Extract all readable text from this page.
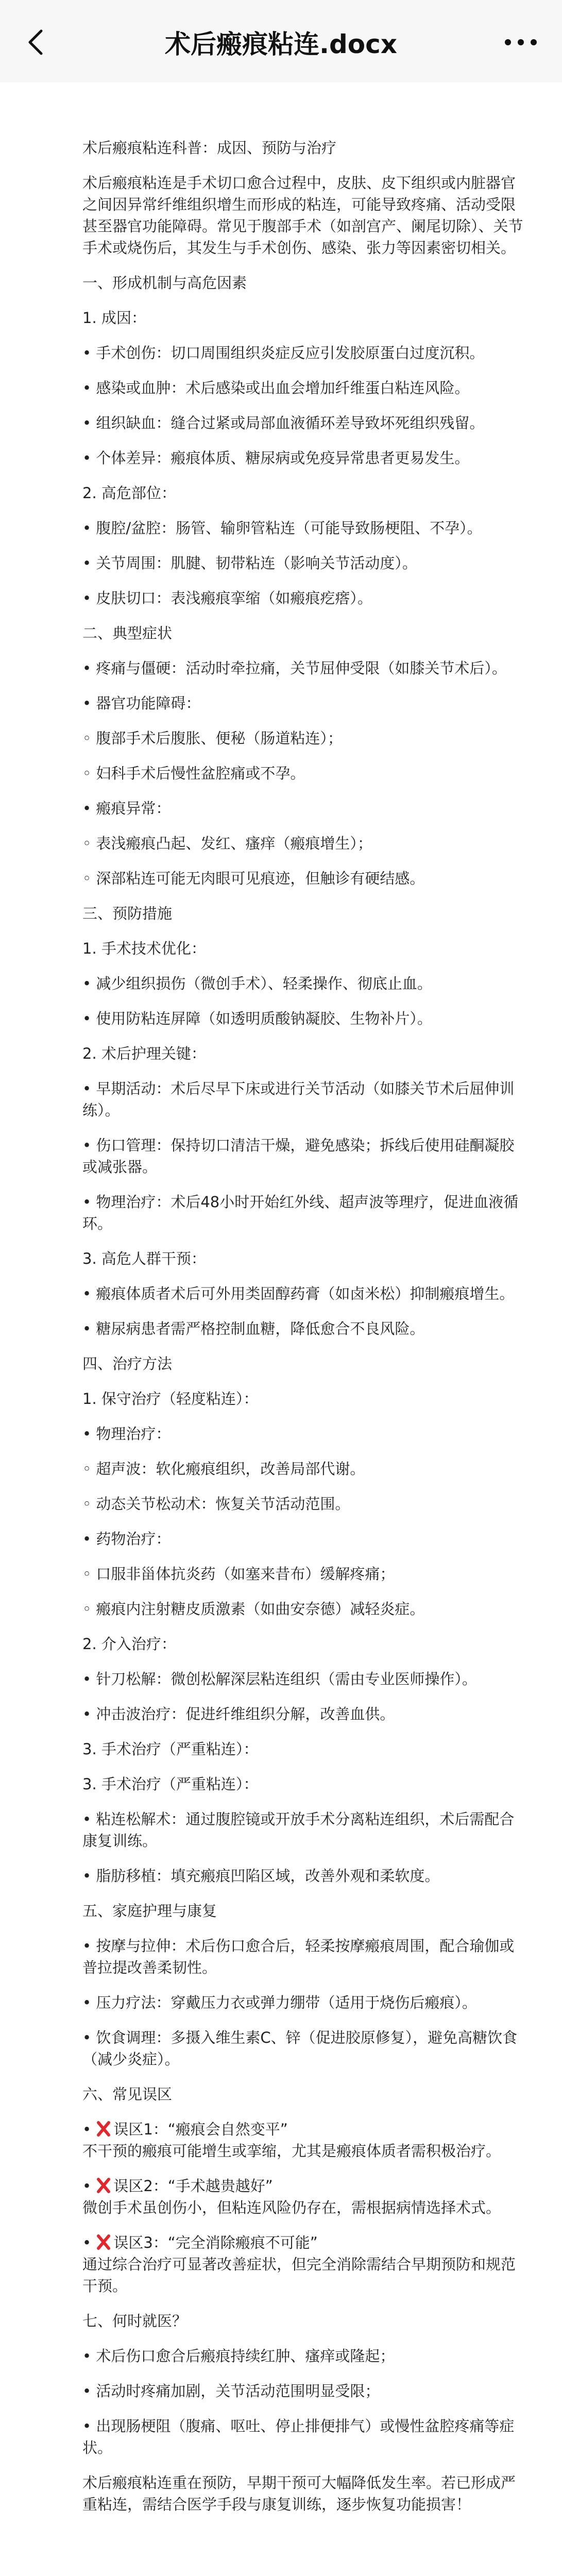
术后瘢痕粘连.docx

术后瘢痕粘连科普：成因、预防与治疗

术后瘢痕粘连是手术切口愈合过程中，皮肤、皮下组织或内脏器官之间因异常纤维组织增生而形成的粘连，可能导致疼痛、活动受限甚至器官功能障碍。常见于腹部手术（如剖宫产、阑尾切除）、关节手术或烧伤后，其发生与手术创伤、感染、张力等因素密切相关。

一、形成机制与高危因素

1. 成因：

• 手术创伤：切口周围组织炎症反应引发胶原蛋白过度沉积。

• 感染或血肿：术后感染或出血会增加纤维蛋白粘连风险。

• 组织缺血：缝合过紧或局部血液循环差导致坏死组织残留。

• 个体差异：瘢痕体质、糖尿病或免疫异常患者更易发生。

2. 高危部位：

• 腹腔/盆腔：肠管、输卵管粘连（可能导致肠梗阻、不孕）。

• 关节周围：肌腱、韧带粘连（影响关节活动度）。

• 皮肤切口：表浅瘢痕挛缩（如瘢痕疙瘩）。

二、典型症状

• 疼痛与僵硬：活动时牵拉痛，关节屈伸受限（如膝关节术后）。

• 器官功能障碍：

◦ 腹部手术后腹胀、便秘（肠道粘连）；

◦ 妇科手术后慢性盆腔痛或不孕。

• 瘢痕异常：

◦ 表浅瘢痕凸起、发红、瘙痒（瘢痕增生）；

◦ 深部粘连可能无肉眼可见痕迹，但触诊有硬结感。

三、预防措施

1. 手术技术优化：

• 减少组织损伤（微创手术）、轻柔操作、彻底止血。

• 使用防粘连屏障（如透明质酸钠凝胶、生物补片）。

2. 术后护理关键：

• 早期活动：术后尽早下床或进行关节活动（如膝关节术后屈伸训练）。

• 伤口管理：保持切口清洁干燥，避免感染；拆线后使用硅酮凝胶或减张器。

• 物理治疗：术后48小时开始红外线、超声波等理疗，促进血液循环。

3. 高危人群干预：

• 瘢痕体质者术后可外用类固醇药膏（如卤米松）抑制瘢痕增生。

• 糖尿病患者需严格控制血糖，降低愈合不良风险。

四、治疗方法

1. 保守治疗（轻度粘连）：

• 物理治疗：

◦ 超声波：软化瘢痕组织，改善局部代谢。

◦ 动态关节松动术：恢复关节活动范围。

• 药物治疗：

◦ 口服非甾体抗炎药（如塞来昔布）缓解疼痛；

◦ 瘢痕内注射糖皮质激素（如曲安奈德）减轻炎症。

2. 介入治疗：

• 针刀松解：微创松解深层粘连组织（需由专业医师操作）。

• 冲击波治疗：促进纤维组织分解，改善血供。

3. 手术治疗（严重粘连）：

3. 手术治疗（严重粘连）：

• 粘连松解术：通过腹腔镜或开放手术分离粘连组织，术后需配合康复训练。

• 脂肪移植：填充瘢痕凹陷区域，改善外观和柔软度。

五、家庭护理与康复

• 按摩与拉伸：术后伤口愈合后，轻柔按摩瘢痕周围，配合瑜伽或普拉提改善柔韧性。

• 压力疗法：穿戴压力衣或弹力绷带（适用于烧伤后瘢痕）。

• 饮食调理：多摄入维生素C、锌（促进胶原修复），避免高糖饮食（减少炎症）。

六、常见误区

• 误区1：“瘢痕会自然变平”
不干预的瘢痕可能增生或挛缩，尤其是瘢痕体质者需积极治疗。

• 误区2：“手术越贵越好”
微创手术虽创伤小，但粘连风险仍存在，需根据病情选择术式。

• 误区3：“完全消除瘢痕不可能”
通过综合治疗可显著改善症状，但完全消除需结合早期预防和规范干预。

七、何时就医？

• 术后伤口愈合后瘢痕持续红肿、瘙痒或隆起；

• 活动时疼痛加剧，关节活动范围明显受限；

• 出现肠梗阻（腹痛、呕吐、停止排便排气）或慢性盆腔疼痛等症状。

术后瘢痕粘连重在预防，早期干预可大幅降低发生率。若已形成严重粘连，需结合医学手段与康复训练，逐步恢复功能损害！
